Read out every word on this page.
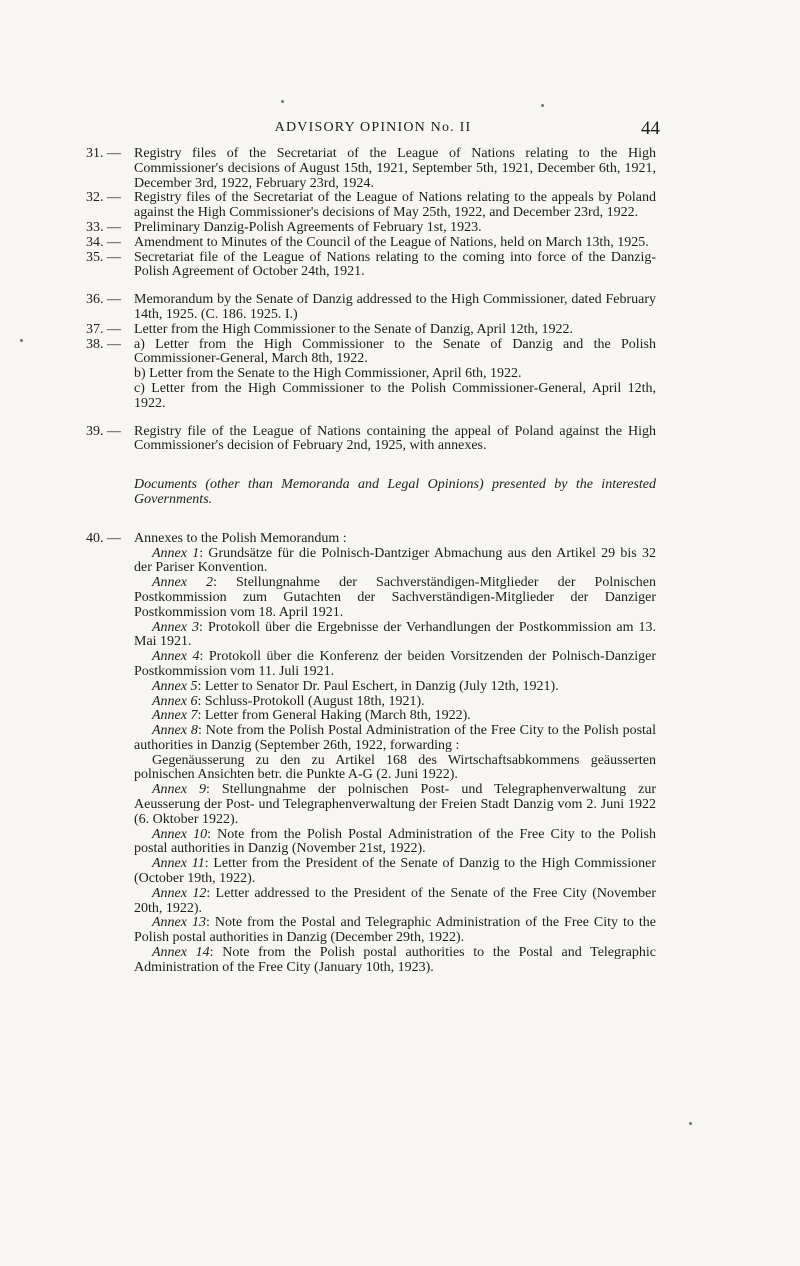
ADVISORY OPINION No. II	44
31. — Registry files of the Secretariat of the League of Nations relating to the High Commissioner's decisions of August 15th, 1921, September 5th, 1921, December 6th, 1921, December 3rd, 1922, February 23rd, 1924.
32. — Registry files of the Secretariat of the League of Nations relating to the appeals by Poland against the High Commissioner's decisions of May 25th, 1922, and December 23rd, 1922.
33. — Preliminary Danzig-Polish Agreements of February 1st, 1923.
34. — Amendment to Minutes of the Council of the League of Nations, held on March 13th, 1925.
35. — Secretariat file of the League of Nations relating to the coming into force of the Danzig-Polish Agreement of October 24th, 1921.
36. — Memorandum by the Senate of Danzig addressed to the High Commissioner, dated February 14th, 1925. (C. 186. 1925. I.)
37. — Letter from the High Commissioner to the Senate of Danzig, April 12th, 1922.
38. — a) Letter from the High Commissioner to the Senate of Danzig and the Polish Commissioner-General, March 8th, 1922.

b) Letter from the Senate to the High Commissioner, April 6th, 1922.

c) Letter from the High Commissioner to the Polish Commissioner-General, April 12th, 1922.

39. — Registry file of the League of Nations containing the appeal of Poland against the High Commissioner's decision of February 2nd, 1925, with annexes.

Documents (other than Memoranda and Legal Opinions) presented by the interested Governments.

40. — Annexes to the Polish Memorandum :

Annex 1: Grundsätze für die Polnisch-Dantziger Abmachung aus den Artikel 29 bis 32 der Pariser Konvention.

Annex 2: Stellungnahme der Sachverständigen-Mitglieder der Polnischen Postkommission zum Gutachten der Sachverständigen-Mitglieder der Danziger Postkommission vom 18. April 1921.

Annex 3: Protokoll über die Ergebnisse der Verhandlungen der Postkommission am 13. Mai 1921.

Annex 4: Protokoll über die Konferenz der beiden Vorsitzenden der Polnisch-Danziger Postkommission vom 11. Juli 1921.

Annex 5: Letter to Senator Dr. Paul Eschert, in Danzig (July 12th, 1921).

Annex 6: Schluss-Protokoll (August 18th, 1921).

Annex 7: Letter from General Haking (March 8th, 1922).

Annex 8: Note from the Polish Postal Administration of the Free City to the Polish postal authorities in Danzig (September 26th, 1922, forwarding :

Gegenäusserung zu den zu Artikel 168 des Wirtschaftsabkommens geäusserten polnischen Ansichten betr. die Punkte A-G (2. Juni 1922).

Annex 9: Stellungnahme der polnischen Post- und Telegraphenverwaltung zur Aeusserung der Post- und Telegraphenverwaltung der Freien Stadt Danzig vom 2. Juni 1922 (6. Oktober 1922).

Annex 10: Note from the Polish Postal Administration of the Free City to the Polish postal authorities in Danzig (November 21st, 1922).

Annex 11: Letter from the President of the Senate of Danzig to the High Commissioner (October 19th, 1922).

Annex 12: Letter addressed to the President of the Senate of the Free City (November 20th, 1922).

Annex 13: Note from the Postal and Telegraphic Administration of the Free City to the Polish postal authorities in Danzig (December 29th, 1922).

Annex 14: Note from the Polish postal authorities to the Postal and Telegraphic Administration of the Free City (January 10th, 1923).
